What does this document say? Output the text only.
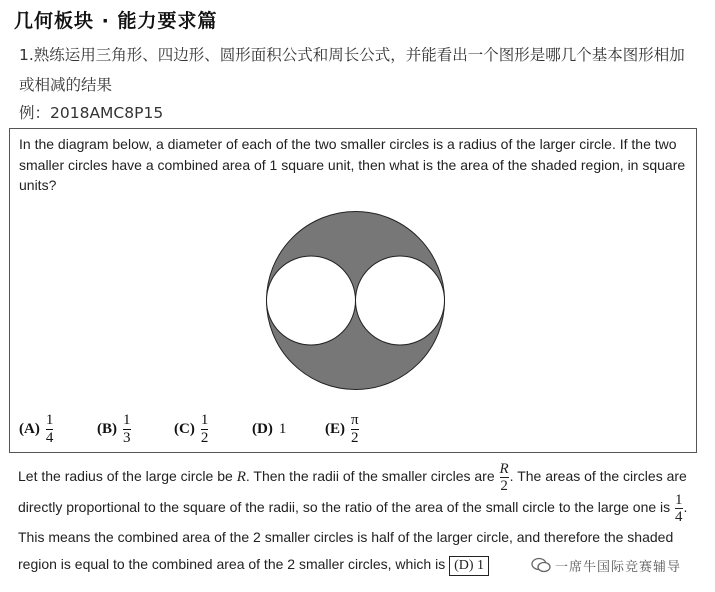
几何板块 · 能力要求篇
1.熟练运用三角形、四边形、圆形面积公式和周长公式，并能看出一个图形是哪几个基本图形相加或相减的结果
例：2018AMC8P15
In the diagram below, a diameter of each of the two smaller circles is a radius of the larger circle. If the two smaller circles have a combined area of 1 square unit, then what is the area of the shaded region, in square units?
$(A) \frac{1}{4}$	$(B) \frac{1}{3}$	$(C) \frac{1}{2}$	(D) 1	$(E) \frac{\pi}{2}$
Let the radius of the large circle be R. Then the radii of the smaller circles are $\frac{R}{2}$ . The areas of the circles are directly proportional to the square of the radii, so the ratio of the area of the small circle to the large one is $\frac{1}{4}$ . This means the combined area of the 2 smaller circles is half of the larger circle, and therefore the shaded region is equal to the combined area of the 2 smaller circles, which is (D) 1	一席牛国际竞赛辅导
